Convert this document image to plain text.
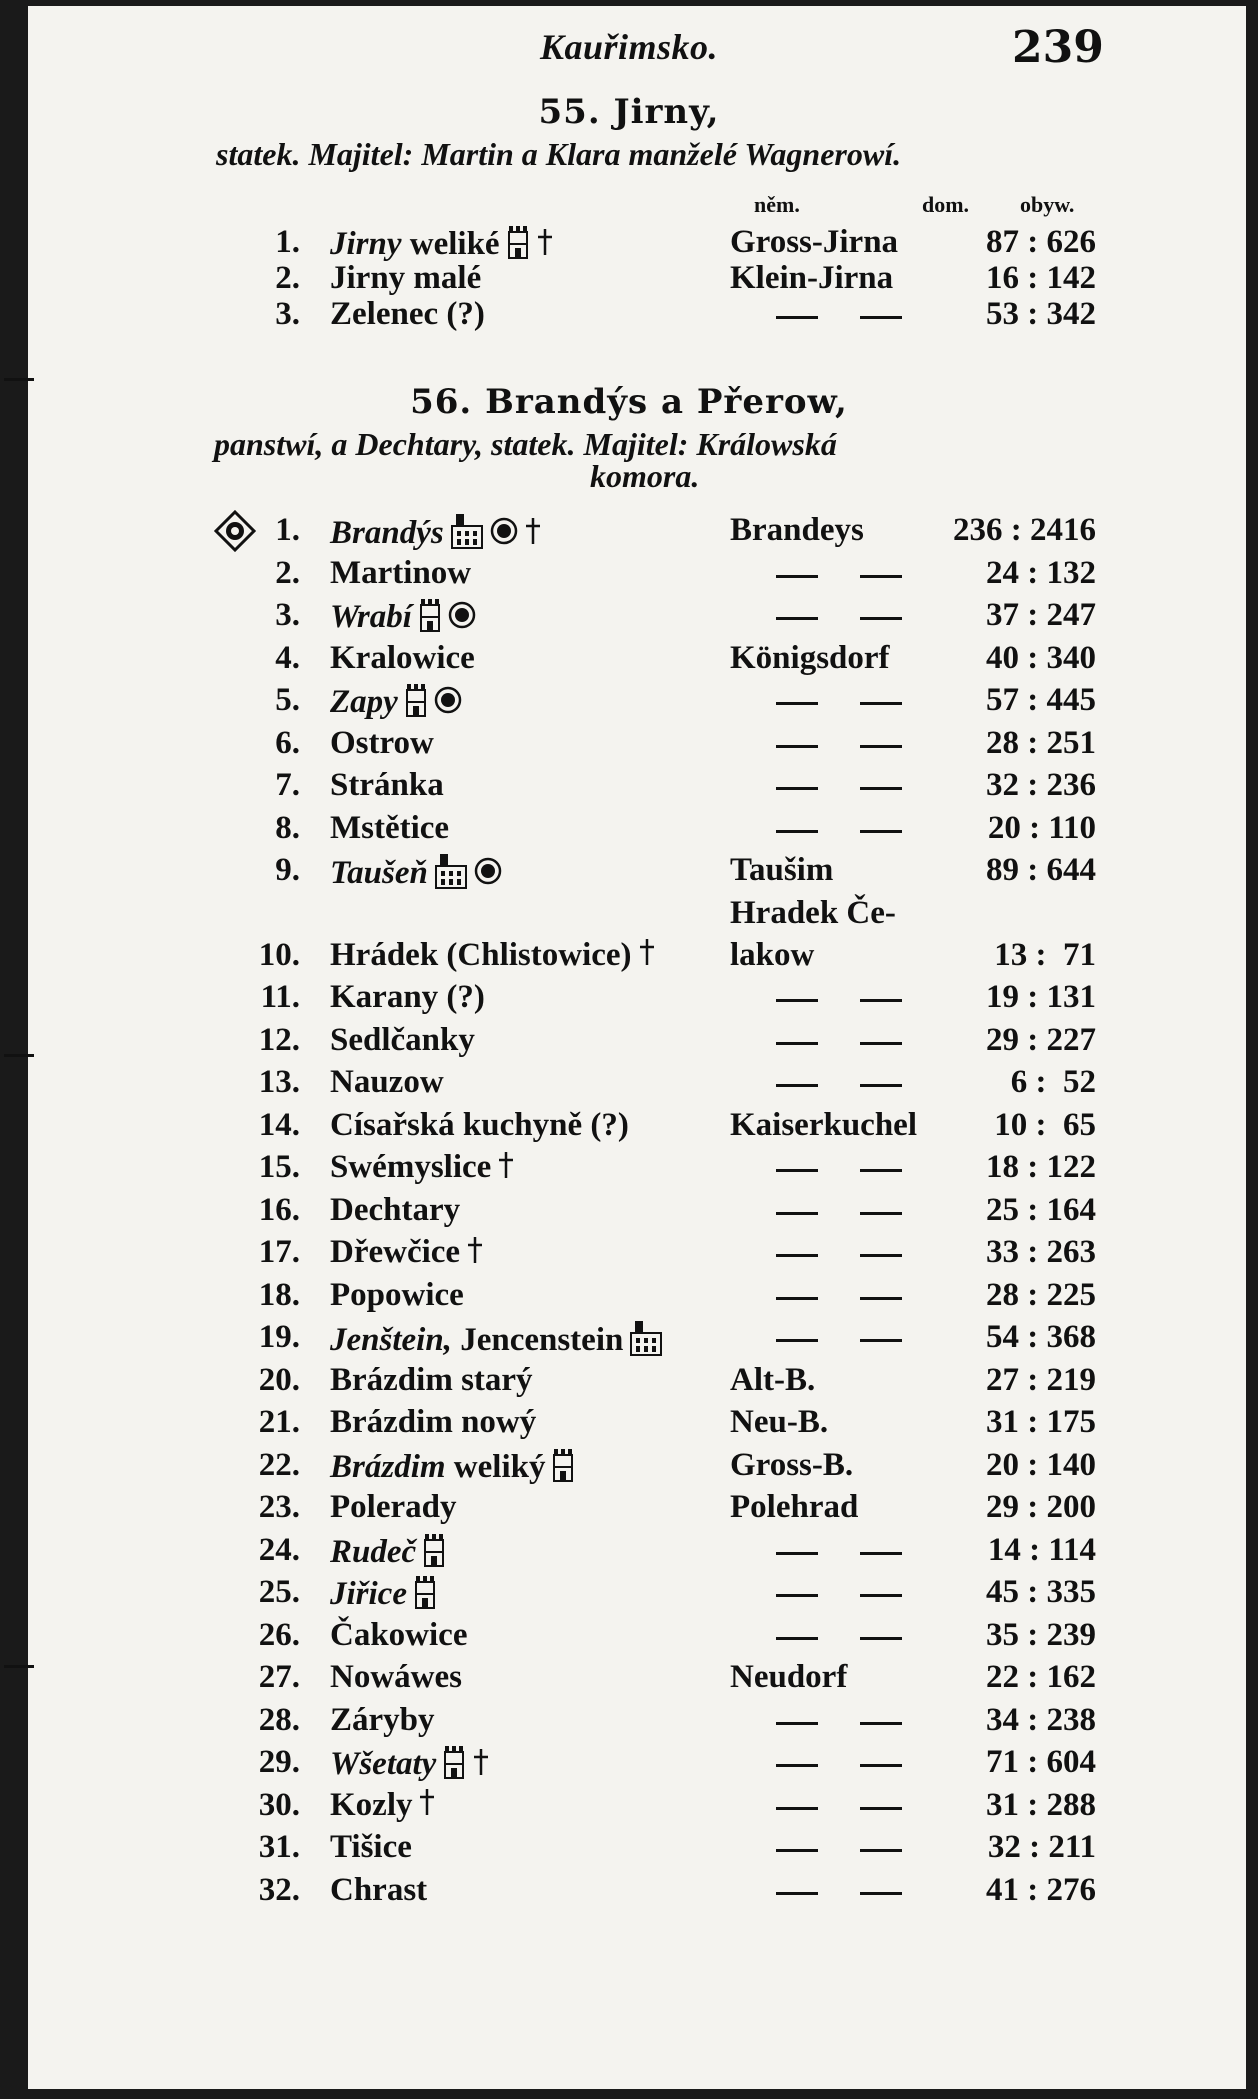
Kauřimsko.	239
55. Jirny,
statek. Majitel: Martin a Klara manželé Wagnerowí.
něm.	dom. obyw.
1. Jirny weliké	Gross-Jirna	87 : 626
2. Jirny malé	Klein-Jirna	16 : 142
3. Zelenec (?)	53 : 342
56. Brandýs a Přerow,
panstwí, a Dechtary, statek. Majitel: Králowská
komora.
1. Brandýs	Brandeys	236 : 2416
2. Martinow	24 : 132
3. Wrabí	37 : 247
4. Kralowice	Königsdorf	40 : 340
5. Zapy	57 : 445
6. Ostrow	28 : 251
7. Stránka	32 : 236
8. Mstětice	20 : 110
9. Taušeň	Taušim	89 : 644
Hradek Če-
10. Hrádek (Chlistowice)	lakow	13 :  71
11. Karany (?)	19 : 131
12. Sedlčanky	29 : 227
13. Nauzow	6 :  52
14. Císařská kuchyně (?)	Kaiserkuchel	10 :  65
15. Swémyslice	18 : 122
16. Dechtary	25 : 164
17. Dřewčice	33 : 263
18. Popowice	28 : 225
19. Jenštein, Jencenstein	54 : 368
20. Brázdim starý	Alt-B.	27 : 219
21. Brázdim nowý	Neu-B.	31 : 175
22. Brázdim weliký	Gross-B.	20 : 140
23. Polerady	Polehrad	29 : 200
24. Rudeč	14 : 114
25. Jiřice	45 : 335
26. Čakowice	35 : 239
27. Nowáwes	Neudorf	22 : 162
28. Záryby	34 : 238
29. Wšetaty	71 : 604
30. Kozly	31 : 288
31. Tišice	32 : 211
32. Chrast	41 : 276
